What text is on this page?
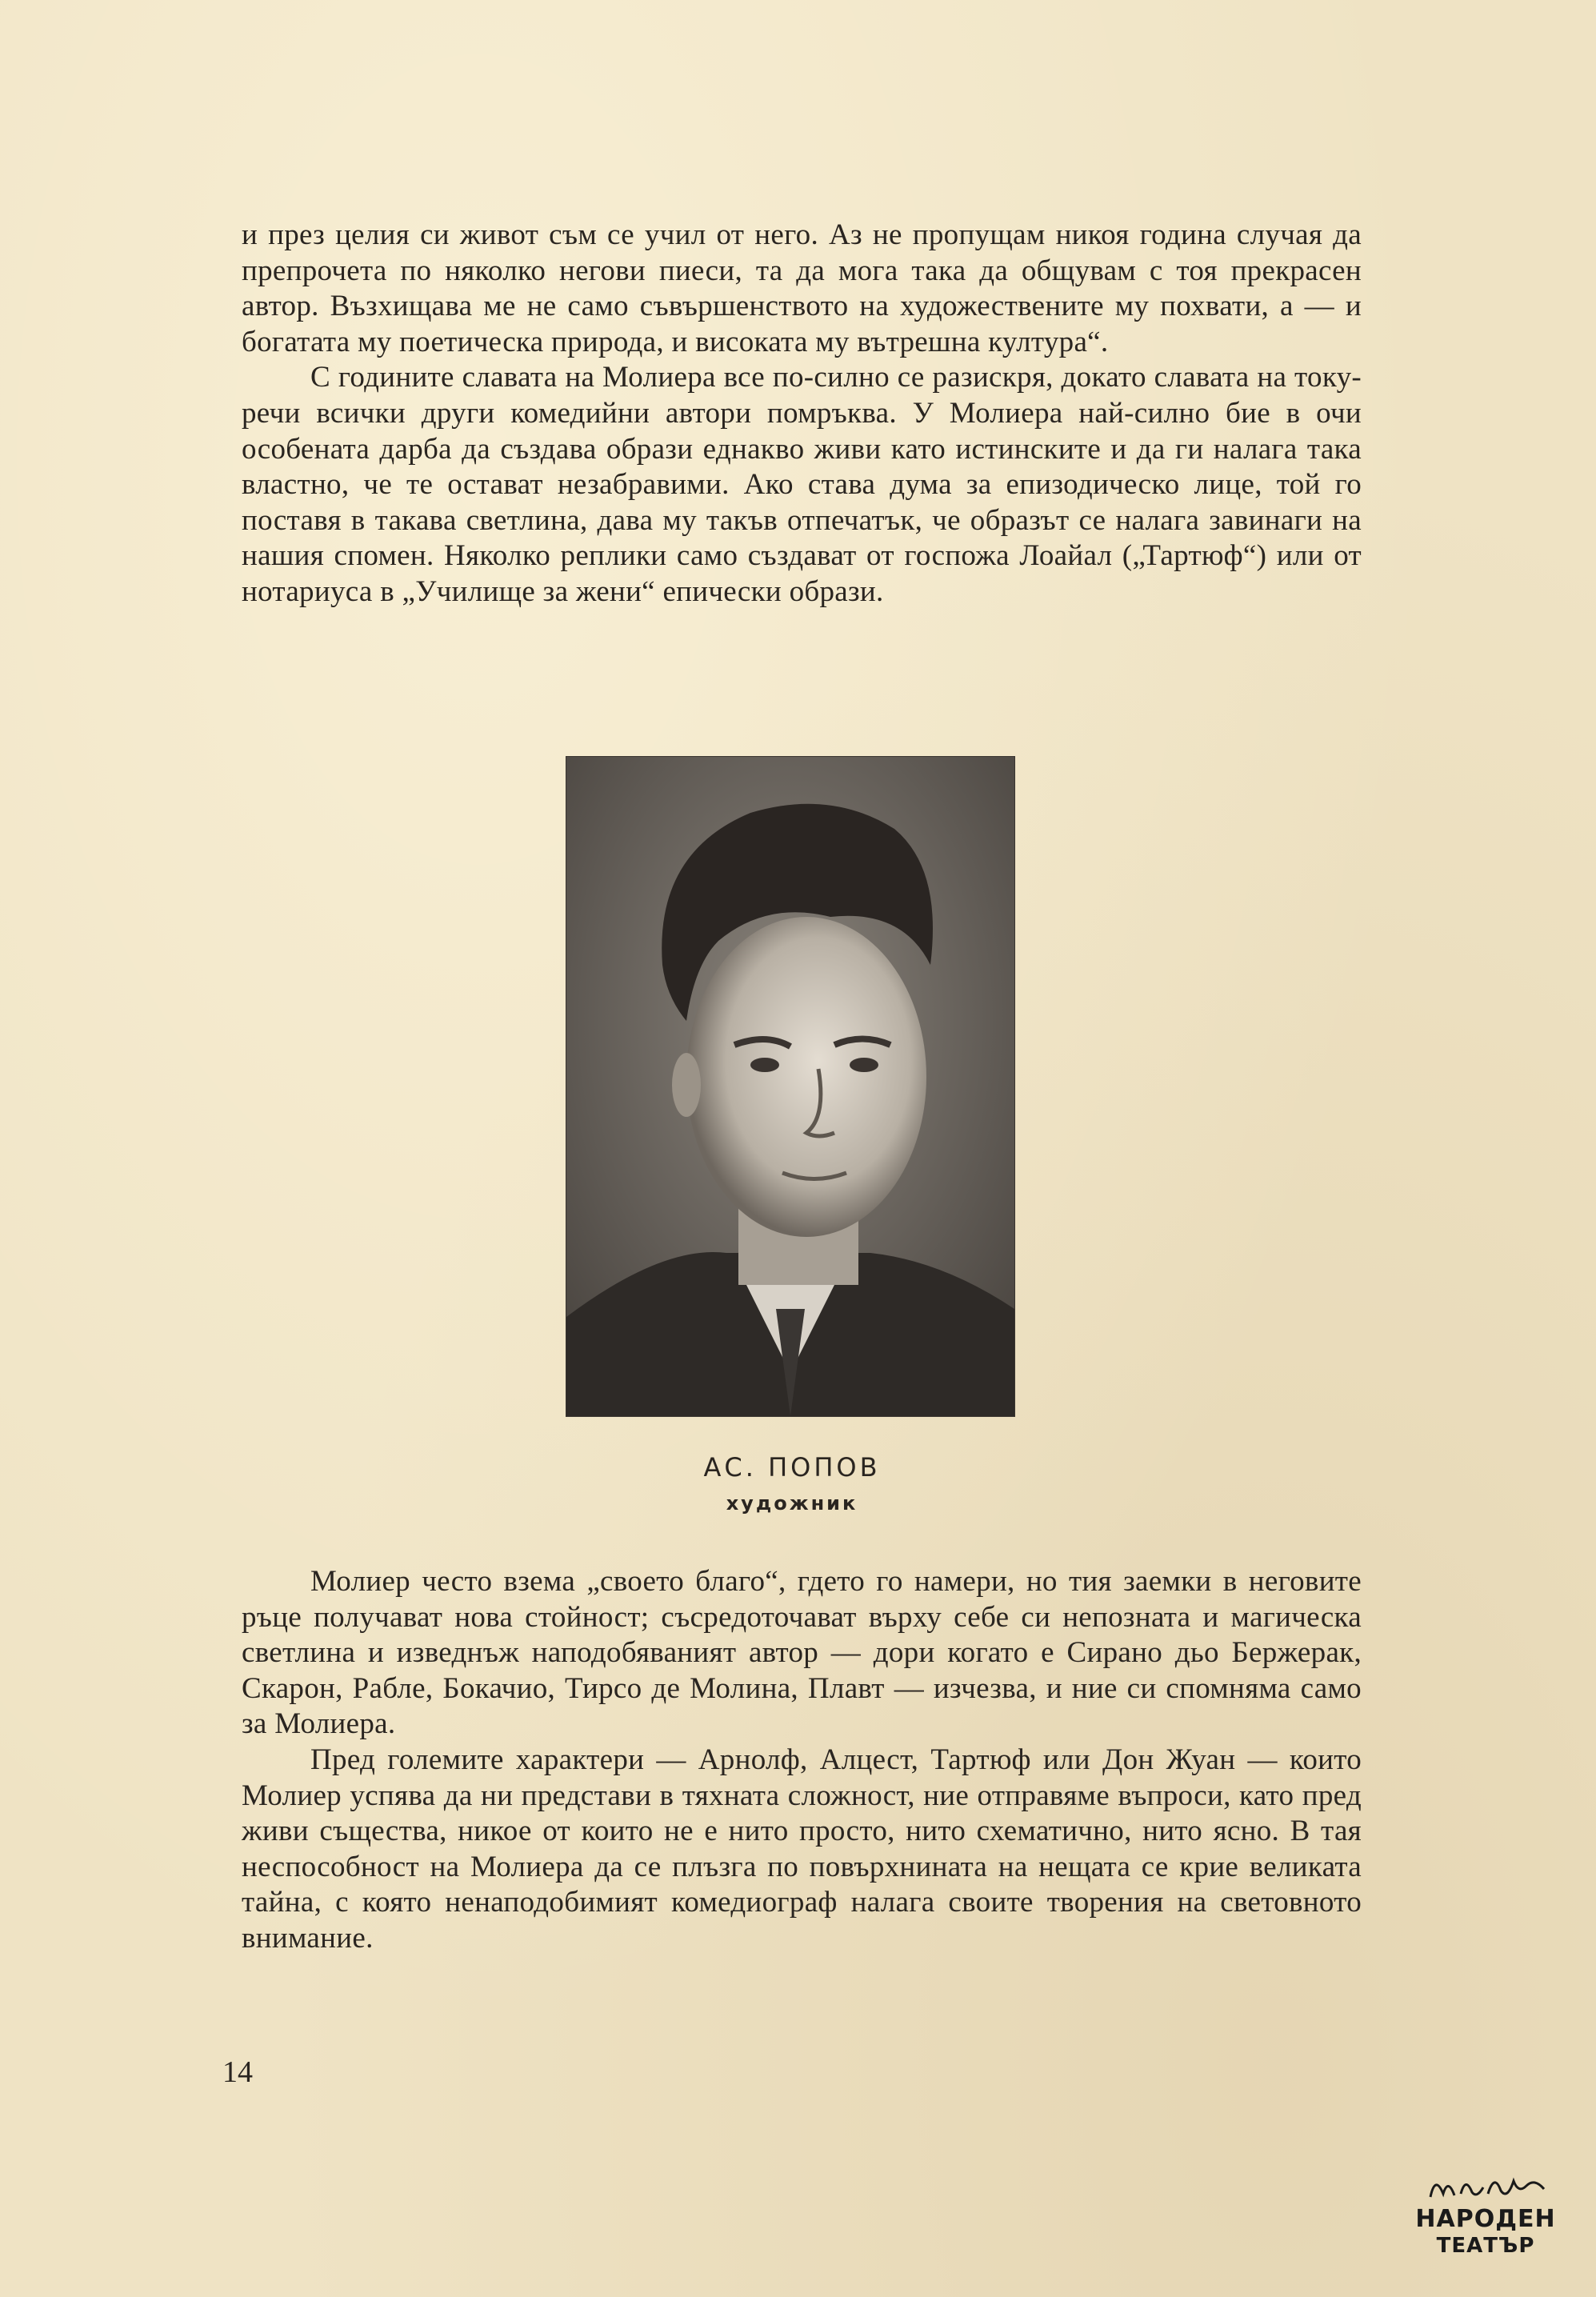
и през целия си живот съм се учил от него. Аз не пропущам никоя година случая да препрочета по няколко негови пиеси, та да мога така да общувам с тоя прекрасен автор. Възхищава ме не само съвършенството на художествените му похвати, а — и богатата му поетическа природа, и високата му вътрешна култура“.

С годините славата на Молиера все по-силно се разискря, докато славата на току-речи всички други комедийни автори помръква. У Молиера най-силно бие в очи особената дарба да създава образи еднакво живи като истинските и да ги налага така властно, че те остават незабравими. Ако става дума за епизодическо лице, той го поставя в такава светлина, дава му такъв отпечатък, че образът се налага завинаги на нашия спомен. Няколко реплики само създават от госпожа Лоайал („Тартюф“) или от нотариуса в „Училище за жени“ епически образи.

АС. ПОПОВ
художник

Молиер често взема „своето благо“, гдето го намери, но тия заемки в неговите ръце получават нова стойност; съсредоточават върху себе си непозната и магическа светлина и изведнъж наподобяваният автор — дори когато е Сирано дьо Бержерак, Скарон, Рабле, Бокачио, Тирсо де Молина, Плавт — изчезва, и ние си спомняма само за Молиера.

Пред големите характери — Арнолф, Алцест, Тартюф или Дон Жуан — които Молиер успява да ни представи в тяхната сложност, ние отправяме въпроси, като пред живи същества, никое от които не е нито просто, нито схематично, нито ясно. В тая неспособност на Молиера да се плъзга по повърхнината на нещата се крие великата тайна, с която ненаподобимият комедиограф налага своите творения на световното внимание.

14
НАРОДЕН
ТЕАТЪР
